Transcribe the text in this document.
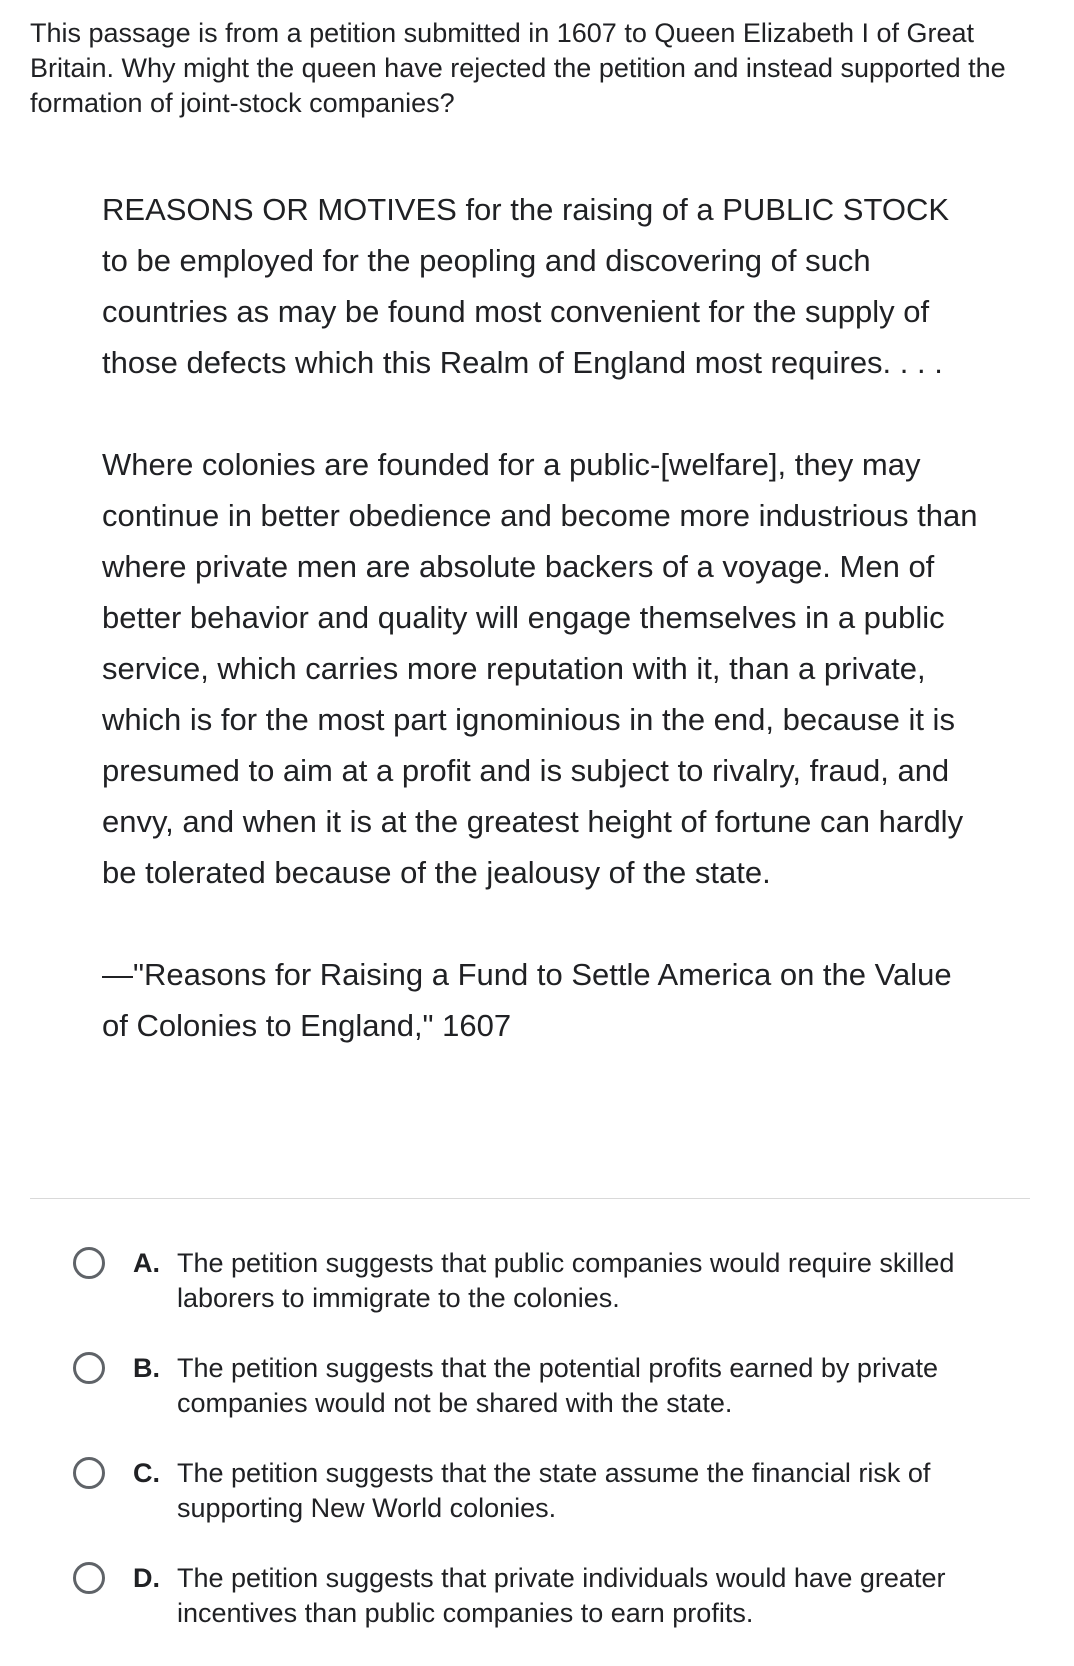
This passage is from a petition submitted in 1607 to Queen Elizabeth I of Great Britain. Why might the queen have rejected the petition and instead supported the formation of joint-stock companies?

REASONS OR MOTIVES for the raising of a PUBLIC STOCK to be employed for the peopling and discovering of such countries as may be found most convenient for the supply of those defects which this Realm of England most requires. . . .

Where colonies are founded for a public-[welfare], they may continue in better obedience and become more industrious than where private men are absolute backers of a voyage. Men of better behavior and quality will engage themselves in a public service, which carries more reputation with it, than a private, which is for the most part ignominious in the end, because it is presumed to aim at a profit and is subject to rivalry, fraud, and envy, and when it is at the greatest height of fortune can hardly be tolerated because of the jealousy of the state.

—"Reasons for Raising a Fund to Settle America on the Value of Colonies to England," 1607

A. The petition suggests that public companies would require skilled laborers to immigrate to the colonies.
B. The petition suggests that the potential profits earned by private companies would not be shared with the state.
C. The petition suggests that the state assume the financial risk of supporting New World colonies.
D. The petition suggests that private individuals would have greater incentives than public companies to earn profits.
